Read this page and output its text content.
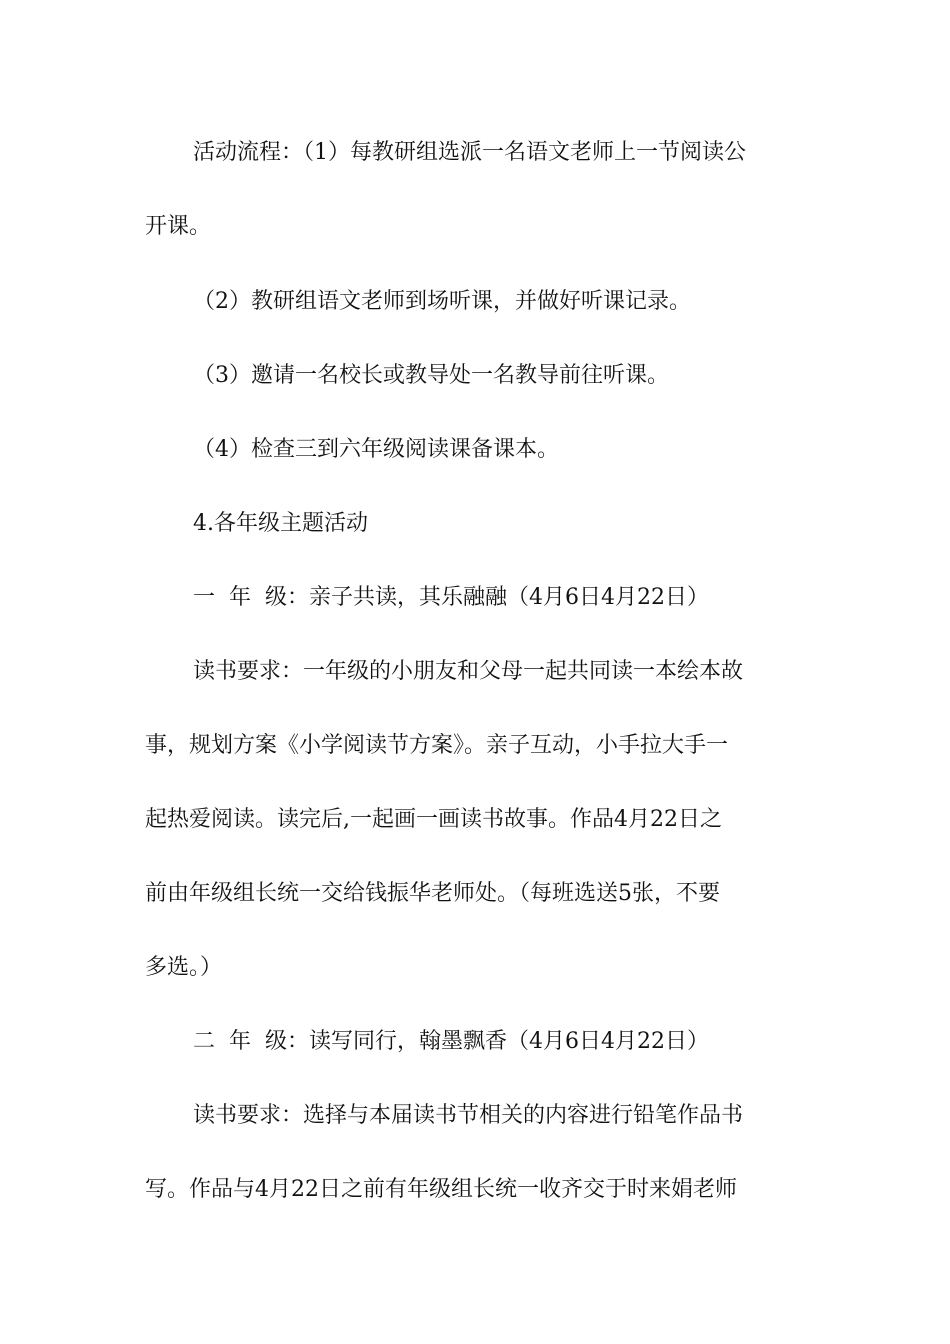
活动流程：（1）每教研组选派一名语文老师上一节阅读公
开课。
（2）教研组语文老师到场听课，并做好听课记录。
（3）邀请一名校长或教导处一名教导前往听课。
（4）检查三到六年级阅读课备课本。
4.各年级主题活动
一  年  级：亲子共读，其乐融融（4月6日4月22日）
读书要求：一年级的小朋友和父母一起共同读一本绘本故
事，规划方案《小学阅读节方案》。亲子互动，小手拉大手一
起热爱阅读。读完后,一起画一画读书故事。作品4月22日之
前由年级组长统一交给钱振华老师处。（每班选送5张，不要
多选。）
二  年  级：读写同行，翰墨飘香（4月6日4月22日）
读书要求：选择与本届读书节相关的内容进行铅笔作品书
写。作品与4月22日之前有年级组长统一收齐交于时来娟老师
